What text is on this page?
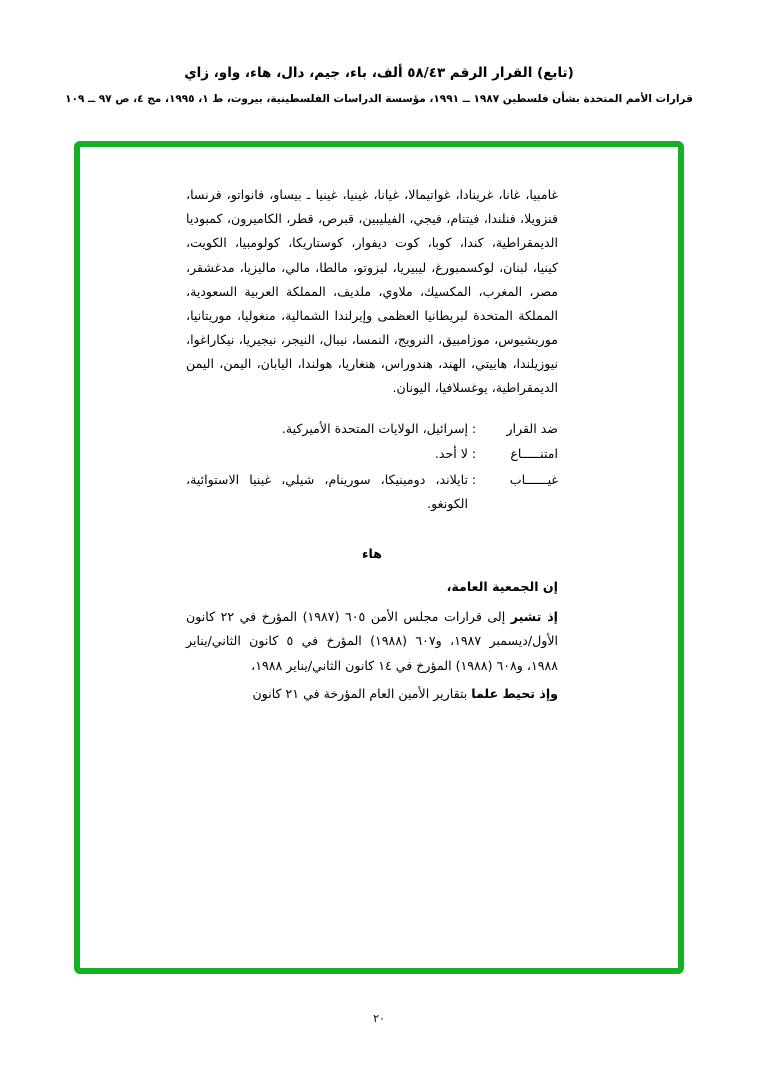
(تابع) القرار الرقم ٥٨/٤٣ ألف، باء، جيم، دال، هاء، واو، زاي
قرارات الأمم المتحدة بشأن فلسطين ١٩٨٧ ــ ١٩٩١، مؤسسة الدراسات الفلسطينية، بيروت، ط ١، ١٩٩٥، مج ٤، ص ٩٧ ــ ١٠٩

غامبيا، غانا، غرينادا، غواتيمالا، غيانا، غينيا، غينيا ـ بيساو، فانواتو، فرنسا، فنزويلا، فنلندا، فيتنام، فيجي، الفيليبين، قبرص، قطر، الكاميرون، كمبوديا الديمقراطية، كندا، كوبا، كوت ديفوار، كوستاريكا، كولومبيا، الكويت، كينيا، لبنان، لوكسمبورغ، ليبيريا، ليزوتو، مالطا، مالي، ماليزيا، مدغشقر، مصر، المغرب، المكسيك، ملاوي، ملديف، المملكة العربية السعودية، المملكة المتحدة لبريطانيا العظمى وإيرلندا الشمالية، منغوليا، موريتانيا، موريشيوس، موزامبيق، النرويج، النمسا، نيبال، النيجر، نيجيريا، نيكاراغوا، نيوزيلندا، هاييتي، الهند، هندوراس، هنغاريا، هولندا، اليابان، اليمن، اليمن الديمقراطية، يوغسلافيا، اليونان.

ضد القرار
:
إسرائيل، الولايات المتحدة الأميركية.
امتنـــــاع
:
لا أحد.
غيــــــاب
:
تايلاند، دومينيكا، سورينام، شيلي، غينيا الاستوائية، الكونغو.
هاء

إن الجمعية العامة،

إذ تشير إلى قرارات مجلس الأمن ٦٠٥ (١٩٨٧) المؤرخ في ٢٢ كانون الأول/ديسمبر ١٩٨٧، و٦٠٧ (١٩٨٨) المؤرخ في ٥ كانون الثاني/يناير ١٩٨٨، و٦٠٨ (١٩٨٨) المؤرخ في ١٤ كانون الثاني/يناير ١٩٨٨،

وإذ تحيط علما بتقارير الأمين العام المؤرخة في ٢١ كانون

٢٠
